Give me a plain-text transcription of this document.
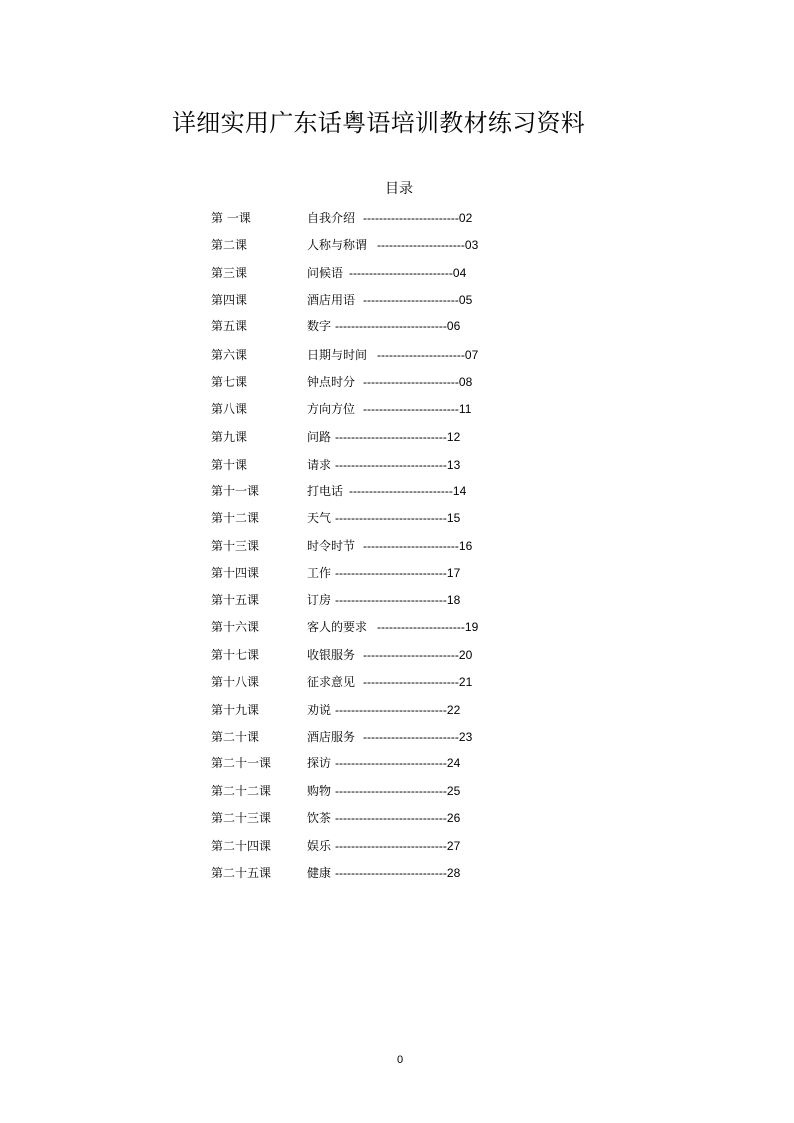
详细实用广东话粤语培训教材练习资料
目录
第 一课	自我介绍 ------------------------02
第二课	人称与称谓 ----------------------03
第三课	问候语 --------------------------04
第四课	酒店用语 ------------------------05
第五课	数字 ----------------------------06
第六课	日期与时间 ----------------------07
第七课	钟点时分 ------------------------08
第八课	方向方位 ------------------------11
第九课	问路 ----------------------------12
第十课	请求 ----------------------------13
第十一课	打电话 --------------------------14
第十二课	天气 ----------------------------15
第十三课	时令时节 ------------------------16
第十四课	工作 ----------------------------17
第十五课	订房 ----------------------------18
第十六课	客人的要求 ----------------------19
第十七课	收银服务 ------------------------20
第十八课	征求意见 ------------------------21
第十九课	劝说 ----------------------------22
第二十课	酒店服务 ------------------------23
第二十一课	探访 ----------------------------24
第二十二课	购物 ----------------------------25
第二十三课	饮茶 ----------------------------26
第二十四课	娱乐 ----------------------------27
第二十五课	健康 ----------------------------28
0
